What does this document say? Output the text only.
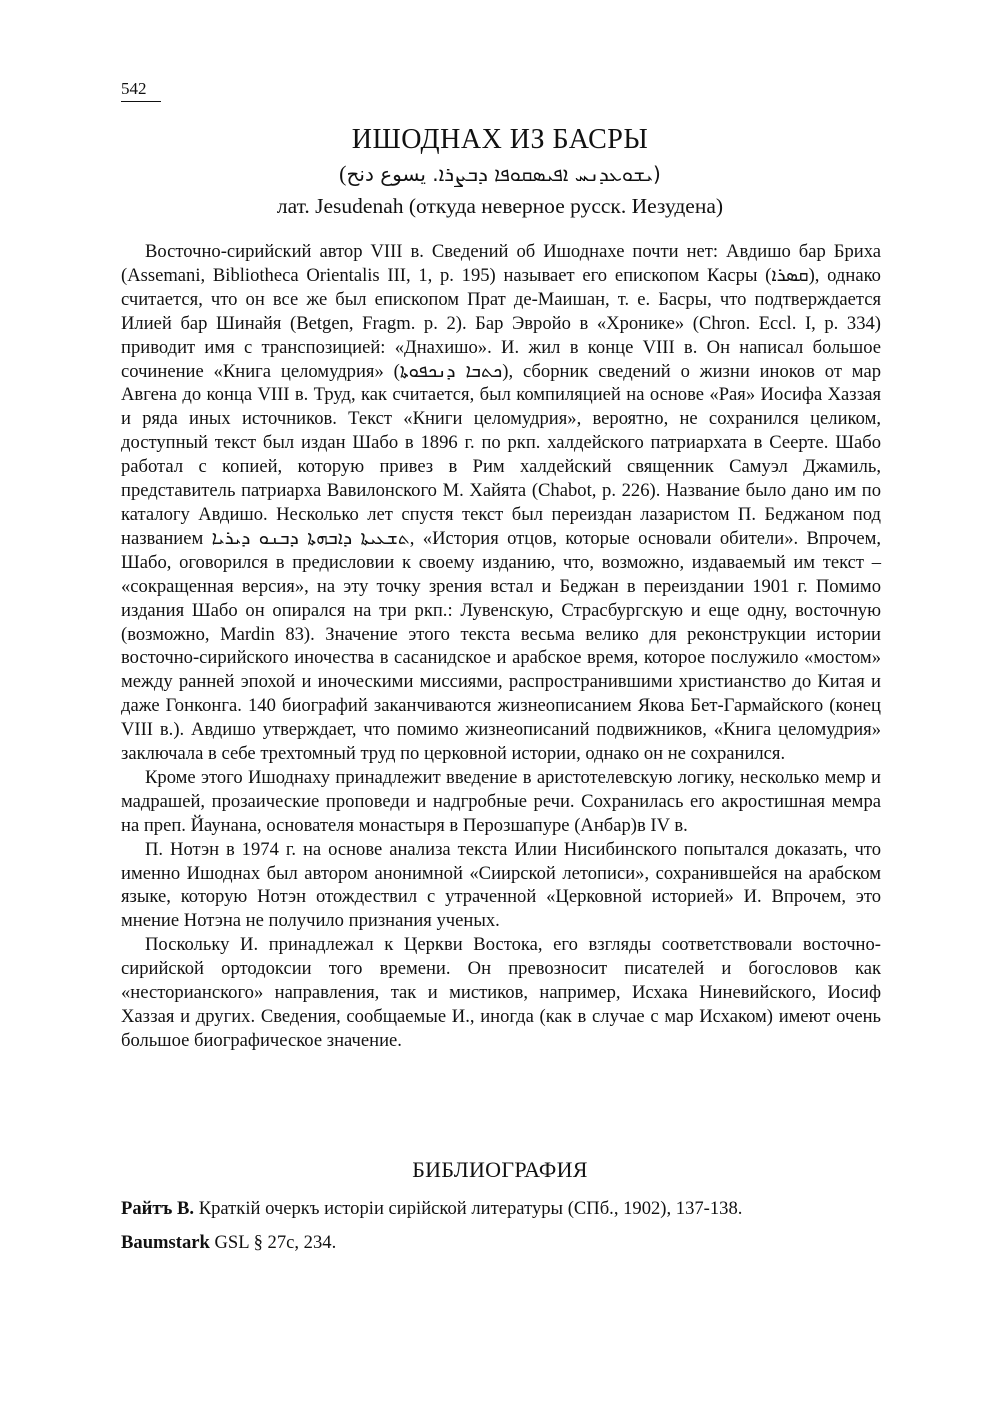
542
ИШОДНАХ ИЗ БАСРЫ
(	ܝܫܘܥܕܢܚ ܐܦܝܣܩܘܦܐ ܕܒܨܪܐ. يسوع دنح)
лат. Jesudenah (откуда неверное русск. Иезудена)

Восточно-сирийский автор VIII в. Сведений об Ишоднахе почти нет: Авдишо бар Бриха (Assemani, Bibliotheca Orientalis III, 1, p. 195) называет его епископом Касры (ܩܣܪܐ), однако считается, что он все же был епископом Прат де-Маишан, т. е. Басры, что подтверждается Илией бар Шинайя (Betgen, Fragm. p. 2). Бар Эвройо в «Хронике» (Chron. Eccl. I, p. 334) приводит имя с транспозицией: «Днахишо». И. жил в конце VIII в. Он написал большое сочинение «Книга целомудрия» (ܟܬܒܐ ܕܢܟܦܘܬܐ), сборник сведений о жизни иноков от мар Авгена до конца VIII в. Труд, как считается, был компиляцией на основе «Рая» Иосифа Хаззая и ряда иных источников. Текст «Книги целомудрия», вероятно, не сохранился целиком, доступный текст был издан Шабо в 1896 г. по ркп. халдейского патриархата в Сеерте. Шабо работал с копией, которую привез в Рим халдейский священник Самуэл Джамиль, представитель патриарха Вавилонского М. Хайята (Chabot, p. 226). Название было дано им по каталогу Авдишо. Несколько лет спустя текст был переиздан лазаристом П. Беджаном под названием ܬܫܥܝܬܐ ܕܐܒܗܬܐ ܕܒܢܘ ܕܝܪܝܐ, «История отцов, которые основали обители». Впрочем, Шабо, оговорился в предисловии к своему изданию, что, возможно, издаваемый им текст – «сокращенная версия», на эту точку зрения встал и Беджан в переиздании 1901 г. Помимо издания Шабо он опирался на три ркп.: Лувенскую, Страсбургскую и еще одну, восточную (возможно, Mardin 83). Значение этого текста весьма велико для реконструкции истории восточно-сирийского иночества в сасанидское и арабское время, которое послужило «мостом» между ранней эпохой и иноческими миссиями, распространившими христианство до Китая и даже Гонконга. 140 биографий заканчиваются жизнеописанием Якова Бет-Гармайского (конец VIII в.). Авдишо утверждает, что помимо жизнеописаний подвижников, «Книга целомудрия» заключала в себе трехтомный труд по церковной истории, однако он не сохранился.

Кроме этого Ишоднаху принадлежит введение в аристотелевскую логику, несколько мемр и мадрашей, прозаические проповеди и надгробные речи. Сохранилась его акростишная мемра на преп. Йаунана, основателя монастыря в Перозшапуре (Анбар)в IV в.

П. Нотэн в 1974 г. на основе анализа текста Илии Нисибинского попытался доказать, что именно Ишоднах был автором анонимной «Сиирской летописи», сохранившейся на арабском языке, которую Нотэн отождествил с утраченной «Церковной историей» И. Впрочем, это мнение Нотэна не получило признания ученых.

Поскольку И. принадлежал к Церкви Востока, его взгляды соответствовали восточно-сирийской ортодоксии того времени. Он превозносит писателей и богословов как «несторианского» направления, так и мистиков, например, Исхака Ниневийского, Иосиф Хаззая и других. Сведения, сообщаемые И., иногда (как в случае с мар Исхаком) имеют очень большое биографическое значение.

БИБЛИОГРАФИЯ

Райтъ В. Краткій очеркъ исторіи сирійской литературы (СПб., 1902), 137-138.

Baumstark GSL § 27c, 234.
